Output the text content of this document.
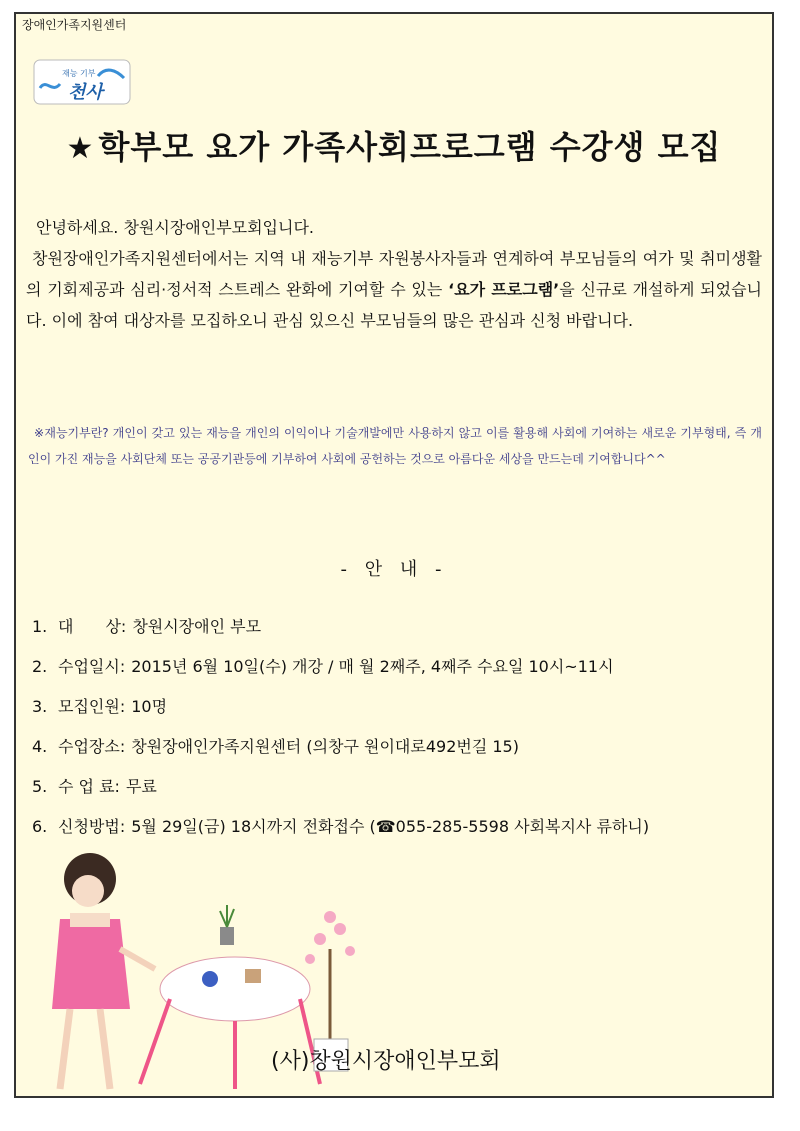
장애인가족지원센터
재능 기부
천사
★ 학부모 요가 가족사회프로그램 수강생 모집
안녕하세요. 창원시장애인부모회입니다.
창원장애인가족지원센터에서는 지역 내 재능기부 자원봉사자들과 연계하여 부모님들의 여가 및 취미생활의 기회제공과 심리·정서적 스트레스 완화에 기여할 수 있는 ‘요가 프로그램’을 신규로 개설하게 되었습니다. 이에 참여 대상자를 모집하오니 관심 있으신 부모님들의 많은 관심과 신청 바랍니다.
※재능기부란? 개인이 갖고 있는 재능을 개인의 이익이나 기술개발에만 사용하지 않고 이를 활용해 사회에 기여하는 새로운 기부형태, 즉 개인이 가진 재능을 사회단체 또는 공공기관등에 기부하여 사회에 공헌하는 것으로 아름다운 세상을 만드는데 기여합니다^^
- 안 내 -
1. 대　　상: 창원시장애인 부모
2. 수업일시: 2015년 6월 10일(수) 개강 / 매 월 2째주, 4째주 수요일 10시~11시
3. 모집인원: 10명
4. 수업장소: 창원장애인가족지원센터 (의창구 원이대로492번길 15)
5. 수 업 료: 무료
6. 신청방법: 5월 29일(금) 18시까지 전화접수 (☎055-285-5598 사회복지사 류하니)
(사)창원시장애인부모회
